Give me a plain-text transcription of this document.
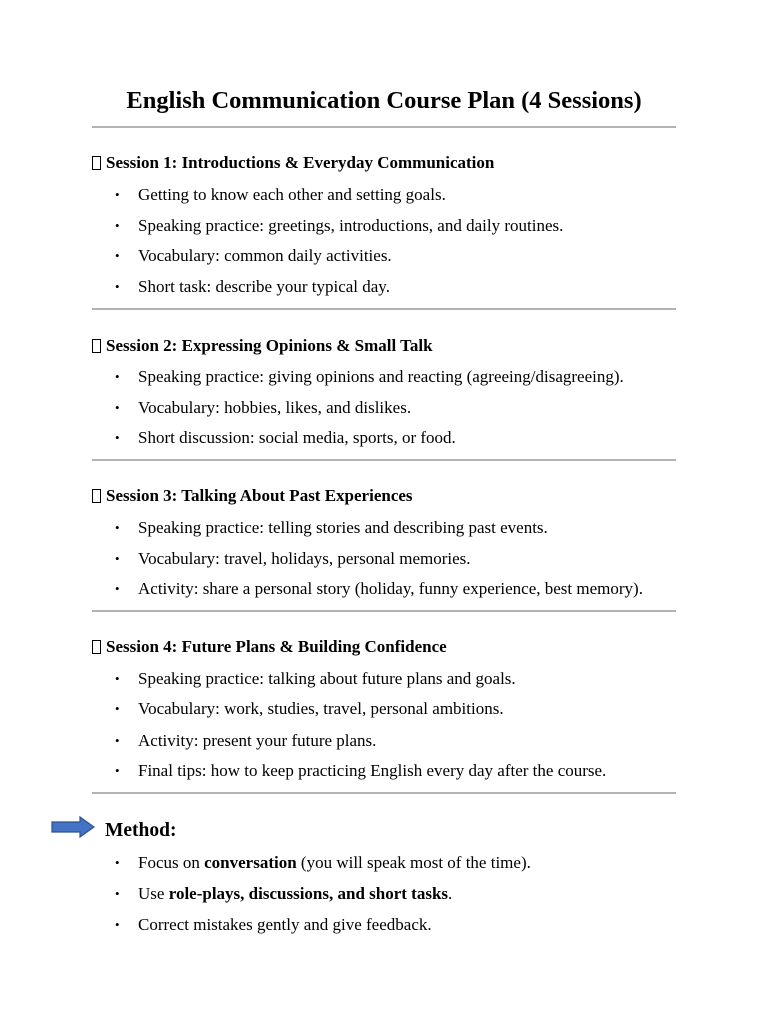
English Communication Course Plan (4 Sessions)
Session 1: Introductions & Everyday Communication
• Getting to know each other and setting goals.
• Speaking practice: greetings, introductions, and daily routines.
• Vocabulary: common daily activities.
• Short task: describe your typical day.
Session 2: Expressing Opinions & Small Talk
• Speaking practice: giving opinions and reacting (agreeing/disagreeing).
• Vocabulary: hobbies, likes, and dislikes.
• Short discussion: social media, sports, or food.
Session 3: Talking About Past Experiences
• Speaking practice: telling stories and describing past events.
• Vocabulary: travel, holidays, personal memories.
• Activity: share a personal story (holiday, funny experience, best memory).
Session 4: Future Plans & Building Confidence
• Speaking practice: talking about future plans and goals.
• Vocabulary: work, studies, travel, personal ambitions.
• Activity: present your future plans.
• Final tips: how to keep practicing English every day after the course.
Method:
• Focus on conversation (you will speak most of the time).
• Use role-plays, discussions, and short tasks.
• Correct mistakes gently and give feedback.
